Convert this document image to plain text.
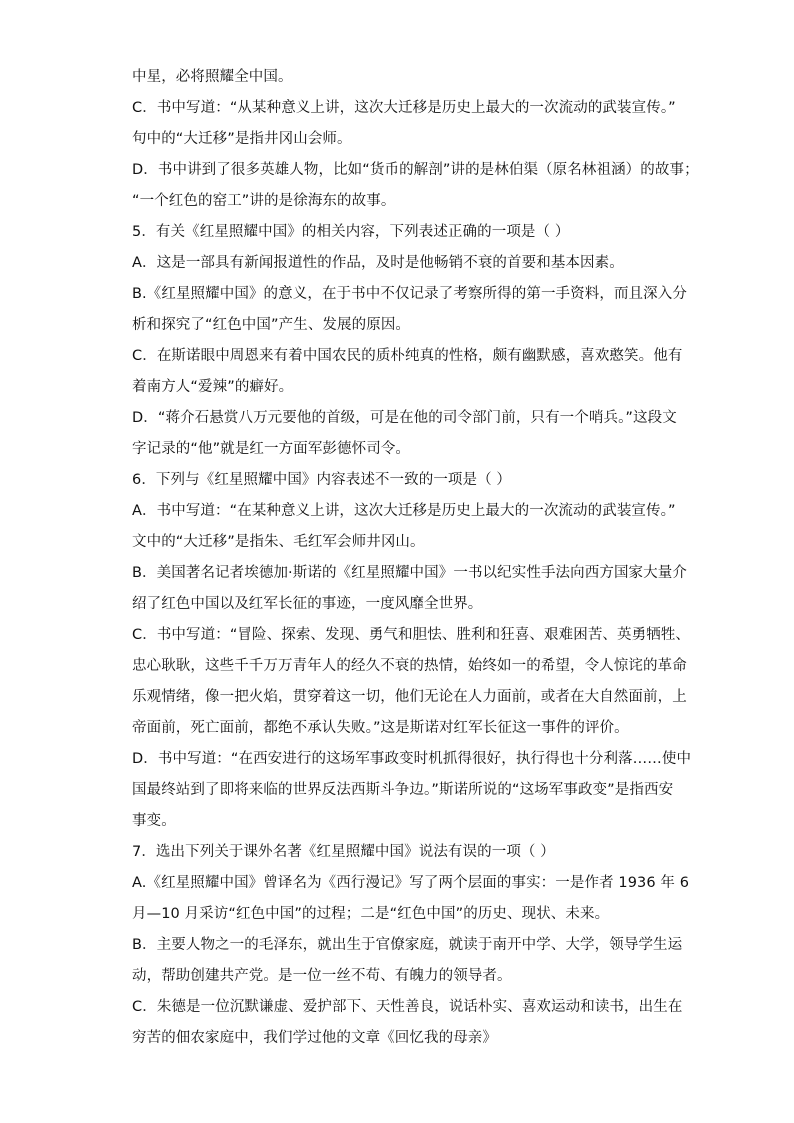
中星，必将照耀全中国。
C．书中写道：“从某种意义上讲，这次大迁移是历史上最大的一次流动的武装宣传。”
句中的“大迁移”是指井冈山会师。
D．书中讲到了很多英雄人物，比如“货币的解剖”讲的是林伯渠（原名林祖涵）的故事；
“一个红色的窑工”讲的是徐海东的故事。
5．有关《红星照耀中国》的相关内容，下列表述正确的一项是（ ）
A．这是一部具有新闻报道性的作品，及时是他畅销不衰的首要和基本因素。
B.《红星照耀中国》的意义，在于书中不仅记录了考察所得的第一手资料，而且深入分
析和探究了“红色中国”产生、发展的原因。
C．在斯诺眼中周恩来有着中国农民的质朴纯真的性格，颇有幽默感，喜欢憨笑。他有
着南方人“爱辣”的癖好。
D．“蒋介石悬赏八万元要他的首级，可是在他的司令部门前，只有一个哨兵。”这段文
字记录的“他”就是红一方面军彭德怀司令。
6．下列与《红星照耀中国》内容表述不一致的一项是（ ）
A．书中写道：“在某种意义上讲，这次大迁移是历史上最大的一次流动的武装宣传。”
文中的“大迁移”是指朱、毛红军会师井冈山。
B．美国著名记者埃德加·斯诺的《红星照耀中国》一书以纪实性手法向西方国家大量介
绍了红色中国以及红军长征的事迹，一度风靡全世界。
C．书中写道：“冒险、探索、发现、勇气和胆怯、胜利和狂喜、艰难困苦、英勇牺牲、
忠心耿耿，这些千千万万青年人的经久不衰的热情，始终如一的希望，令人惊诧的革命
乐观情绪，像一把火焰，贯穿着这一切，他们无论在人力面前，或者在大自然面前，上
帝面前，死亡面前，都绝不承认失败。”这是斯诺对红军长征这一事件的评价。
D．书中写道：“在西安进行的这场军事政变时机抓得很好，执行得也十分利落……使中
国最终站到了即将来临的世界反法西斯斗争边。”斯诺所说的“这场军事政变”是指西安
事变。
7．选出下列关于课外名著《红星照耀中国》说法有误的一项（ ）
A.《红星照耀中国》曾译名为《西行漫记》写了两个层面的事实：一是作者 1936 年 6
月—10 月采访“红色中国”的过程；二是“红色中国”的历史、现状、未来。
B．主要人物之一的毛泽东，就出生于官僚家庭，就读于南开中学、大学，领导学生运
动，帮助创建共产党。是一位一丝不苟、有魄力的领导者。
C．朱德是一位沉默谦虚、爱护部下、天性善良，说话朴实、喜欢运动和读书，出生在
穷苦的佃农家庭中，我们学过他的文章《回忆我的母亲》
